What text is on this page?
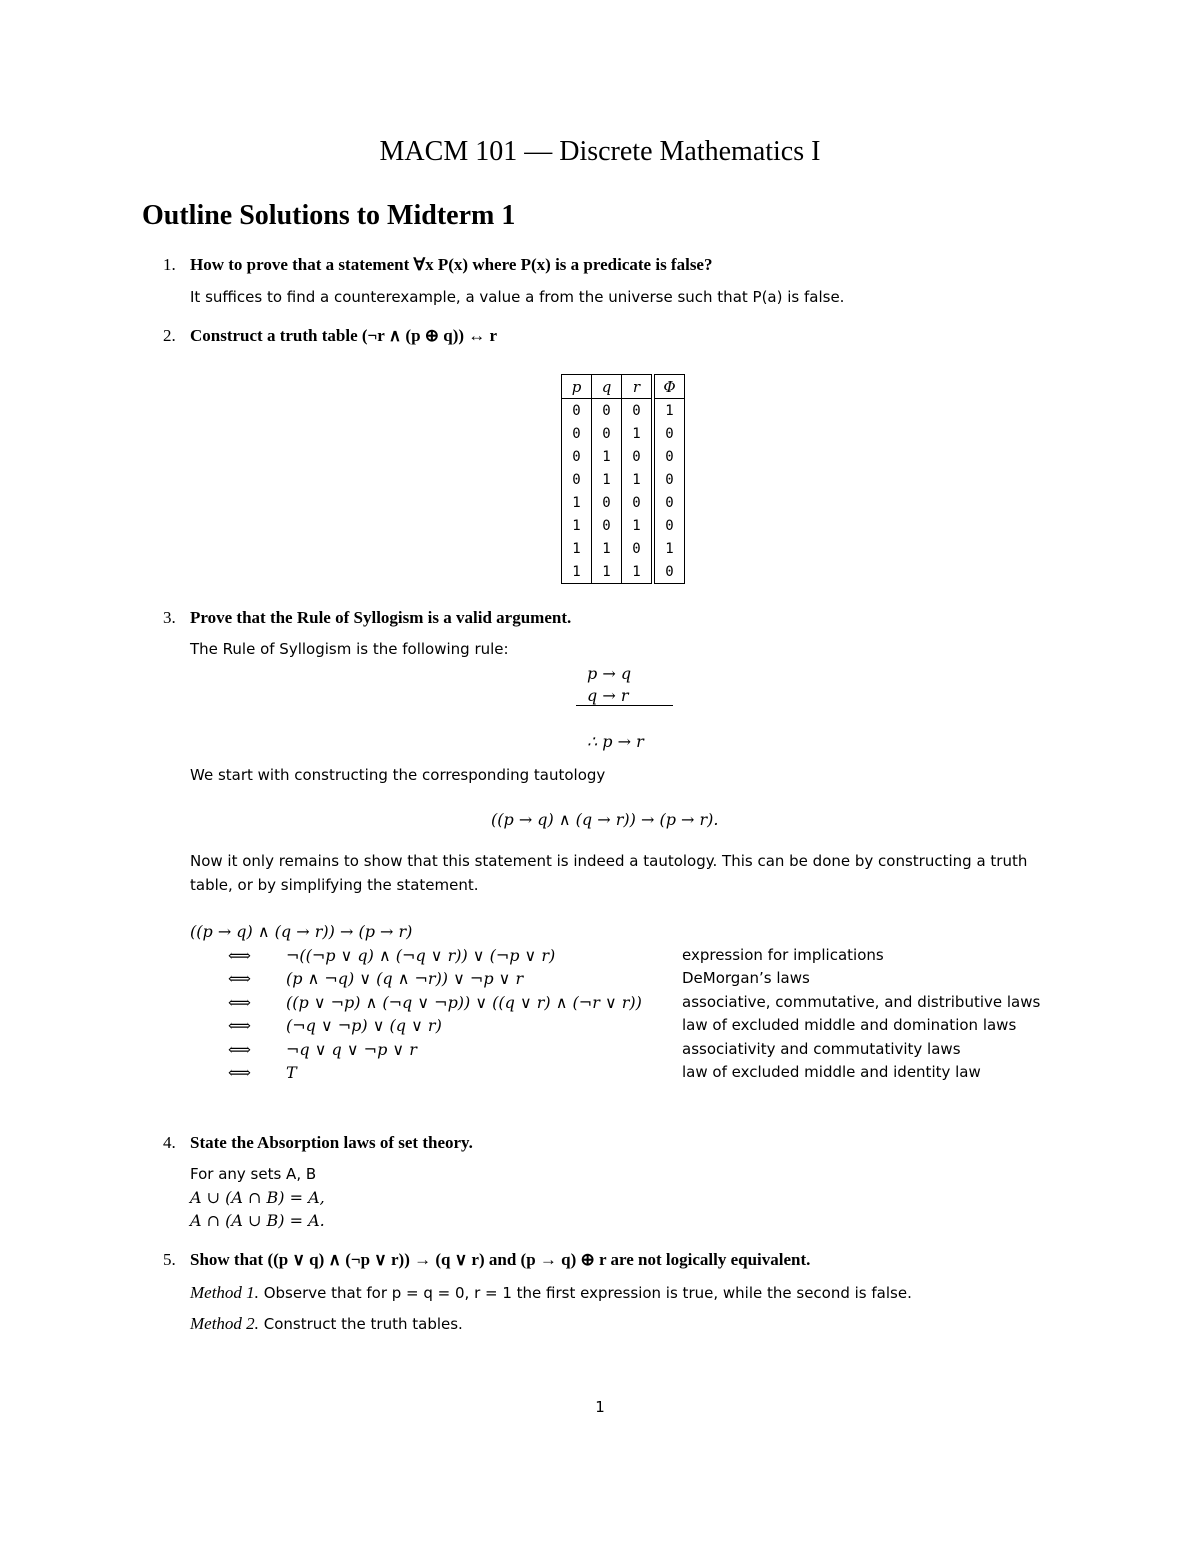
MACM 101 — Discrete Mathematics I
Outline Solutions to Midterm 1
1. How to prove that a statement ∀x P(x) where P(x) is a predicate is false?
It suffices to find a counterexample, a value a from the universe such that P(a) is false.
2. Construct a truth table (¬r ∧ (p ⊕ q)) ↔ r
p	q	r	Φ
0	0	0	1
0	0	1	0
0	1	0	0
0	1	1	0
1	0	0	0
1	0	1	0
1	1	0	1
1	1	1	0
3. Prove that the Rule of Syllogism is a valid argument.
The Rule of Syllogism is the following rule:
p → q
q → r
∴ p → r
We start with constructing the corresponding tautology
((p → q) ∧ (q → r)) → (p → r).
Now it only remains to show that this statement is indeed a tautology. This can be done by constructing a truth
table, or by simplifying the statement.
((p → q) ∧ (q → r)) → (p → r)
⟺ ¬((¬p ∨ q) ∧ (¬q ∨ r)) ∨ (¬p ∨ r)	expression for implications
⟺ (p ∧ ¬q) ∨ (q ∧ ¬r)) ∨ ¬p ∨ r	DeMorgan’s laws
⟺ ((p ∨ ¬p) ∧ (¬q ∨ ¬p)) ∨ ((q ∨ r) ∧ (¬r ∨ r))	associative, commutative, and distributive laws
⟺ (¬q ∨ ¬p) ∨ (q ∨ r)	law of excluded middle and domination laws
⟺ ¬q ∨ q ∨ ¬p ∨ r	associativity and commutativity laws
⟺ T	law of excluded middle and identity law
4. State the Absorption laws of set theory.
For any sets A, B
A ∪ (A ∩ B) = A,
A ∩ (A ∪ B) = A.
5. Show that ((p ∨ q) ∧ (¬p ∨ r)) → (q ∨ r) and (p → q) ⊕ r are not logically equivalent.
Method 1. Observe that for p = q = 0, r = 1 the first expression is true, while the second is false.
Method 2. Construct the truth tables.
1
